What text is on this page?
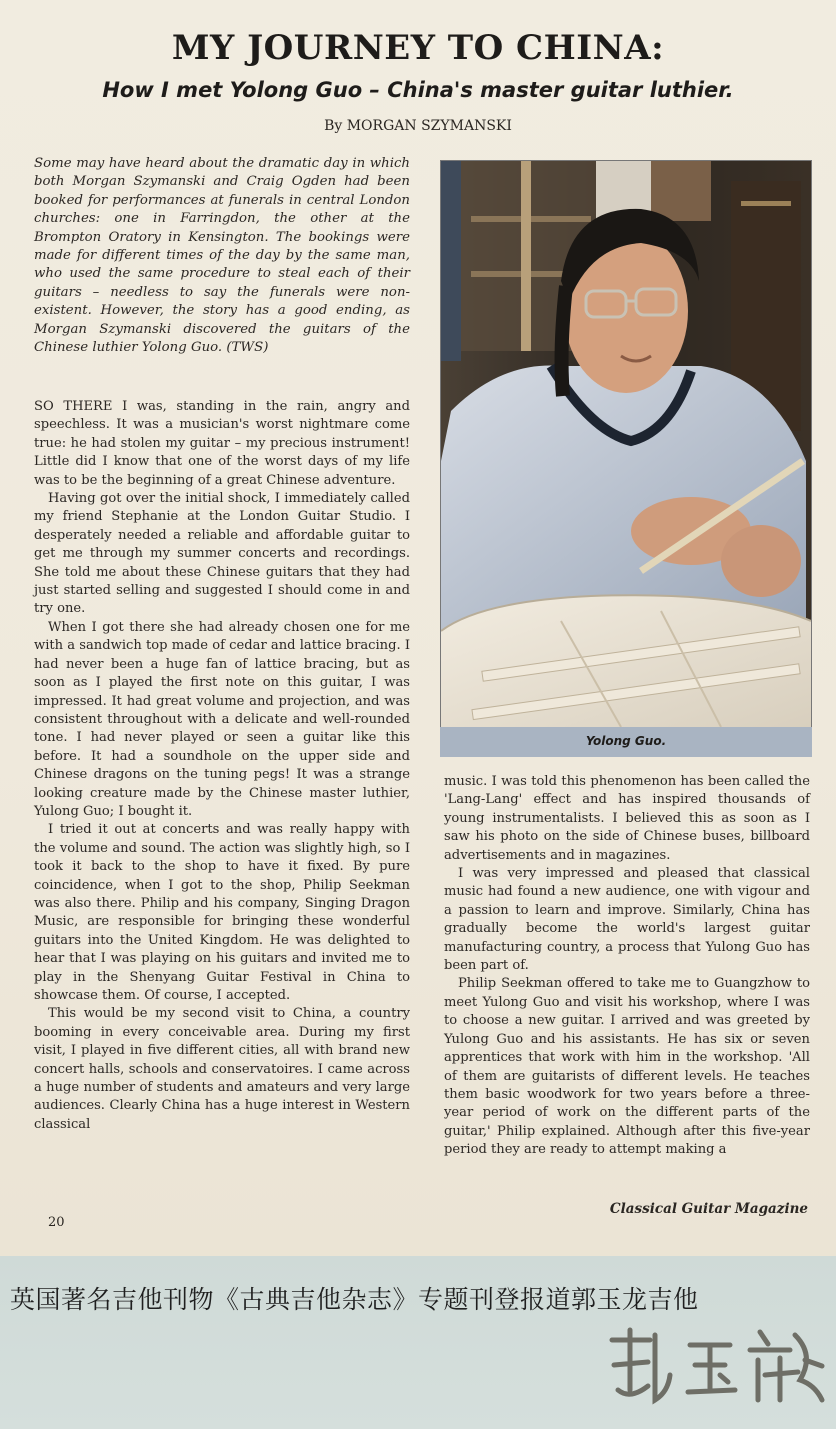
MY JOURNEY TO CHINA:
How I met Yolong Guo – China's master guitar luthier.
By MORGAN SZYMANSKI
Some may have heard about the dramatic day in which both Morgan Szymanski and Craig Ogden had been booked for performances at funerals in central London churches: one in Farringdon, the other at the Brompton Oratory in Kensington. The bookings were made for different times of the day by the same man, who used the same procedure to steal each of their guitars – needless to say the funerals were non-existent. However, the story has a good ending, as Morgan Szymanski discovered the guitars of the Chinese luthier Yolong Guo. (TWS)

SO THERE I was, standing in the rain, angry and speechless. It was a musician's worst nightmare come true: he had stolen my guitar – my precious instrument! Little did I know that one of the worst days of my life was to be the beginning of a great Chinese adventure.

Having got over the initial shock, I immediately called my friend Stephanie at the London Guitar Studio. I desperately needed a reliable and affordable guitar to get me through my summer concerts and recordings. She told me about these Chinese guitars that they had just started selling and suggested I should come in and try one.

When I got there she had already chosen one for me with a sandwich top made of cedar and lattice bracing. I had never been a huge fan of lattice bracing, but as soon as I played the first note on this guitar, I was impressed. It had great volume and projection, and was consistent throughout with a delicate and well-rounded tone. I had never played or seen a guitar like this before. It had a soundhole on the upper side and Chinese dragons on the tuning pegs! It was a strange looking creature made by the Chinese master luthier, Yulong Guo; I bought it.

I tried it out at concerts and was really happy with the volume and sound. The action was slightly high, so I took it back to the shop to have it fixed. By pure coincidence, when I got to the shop, Philip Seekman was also there. Philip and his company, Singing Dragon Music, are responsible for bringing these wonderful guitars into the United Kingdom. He was delighted to hear that I was playing on his guitars and invited me to play in the Shenyang Guitar Festival in China to showcase them. Of course, I accepted.

This would be my second visit to China, a country booming in every conceivable area. During my first visit, I played in five different cities, all with brand new concert halls, schools and conservatoires. I came across a huge number of students and amateurs and very large audiences. Clearly China has a huge interest in Western classical

Yolong Guo.

music. I was told this phenomenon has been called the 'Lang-Lang' effect and has inspired thousands of young instrumentalists. I believed this as soon as I saw his photo on the side of Chinese buses, billboard advertisements and in magazines.

I was very impressed and pleased that classical music had found a new audience, one with vigour and a passion to learn and improve. Similarly, China has gradually become the world's largest guitar manufacturing country, a process that Yulong Guo has been part of.

Philip Seekman offered to take me to Guangzhow to meet Yulong Guo and visit his workshop, where I was to choose a new guitar. I arrived and was greeted by Yulong Guo and his assistants. He has six or seven apprentices that work with him in the workshop. 'All of them are guitarists of different levels. He teaches them basic woodwork for two years before a three-year period of work on the different parts of the guitar,' Philip explained. Although after this five-year period they are ready to attempt making a

20
Classical Guitar Magazine
英国著名吉他刊物《古典吉他杂志》专题刊登报道郭玉龙吉他
